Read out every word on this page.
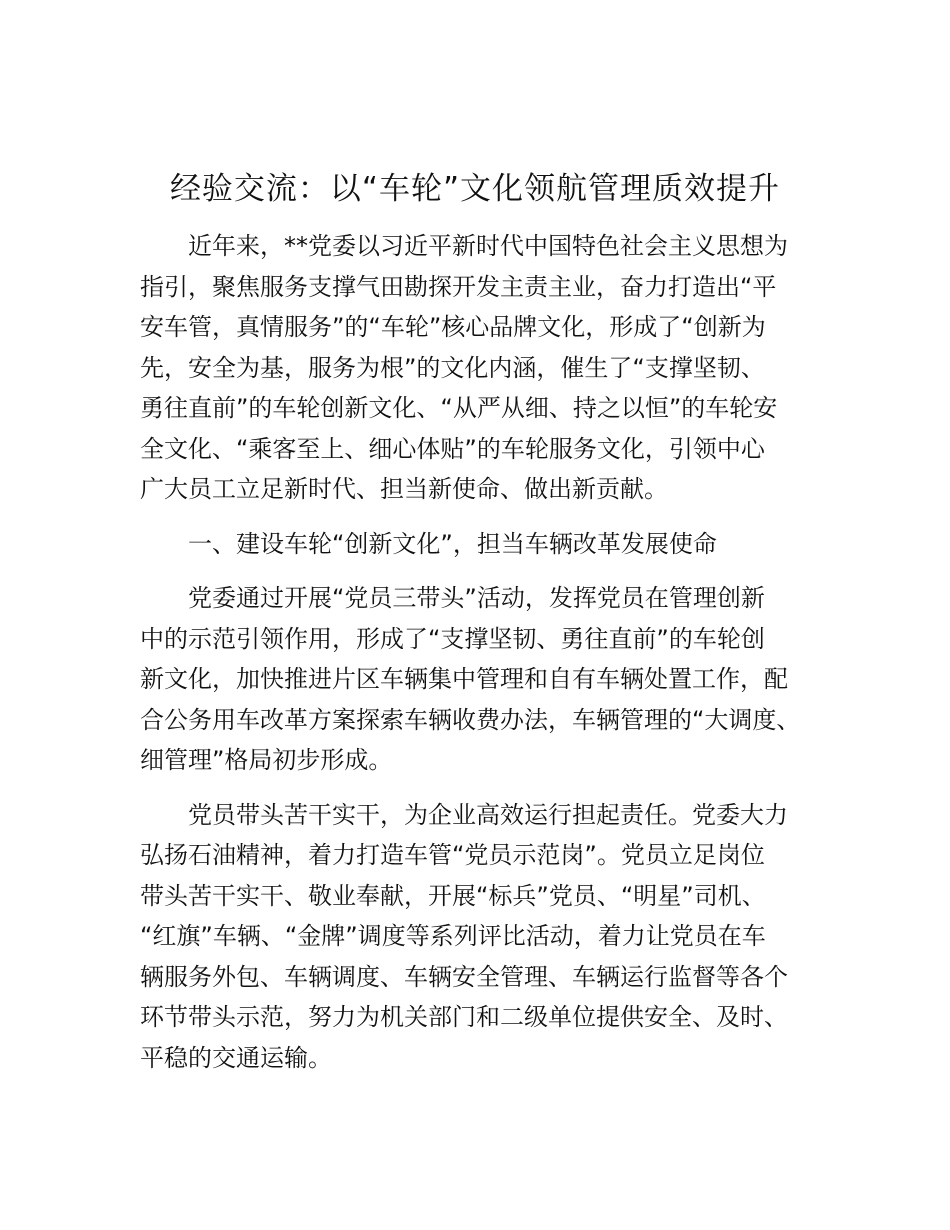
经验交流：以“车轮”文化领航管理质效提升

近年来，**党委以习近平新时代中国特色社会主义思想为
指引，聚焦服务支撑气田勘探开发主责主业，奋力打造出“平
安车管，真情服务”的“车轮”核心品牌文化，形成了“创新为
先，安全为基，服务为根”的文化内涵，催生了“支撑坚韧、
勇往直前”的车轮创新文化、“从严从细、持之以恒”的车轮安
全文化、“乘客至上、细心体贴”的车轮服务文化，引领中心
广大员工立足新时代、担当新使命、做出新贡献。

一、建设车轮“创新文化”，担当车辆改革发展使命

党委通过开展“党员三带头”活动，发挥党员在管理创新
中的示范引领作用，形成了“支撑坚韧、勇往直前”的车轮创
新文化，加快推进片区车辆集中管理和自有车辆处置工作，配
合公务用车改革方案探索车辆收费办法，车辆管理的“大调度、
细管理”格局初步形成。

党员带头苦干实干，为企业高效运行担起责任。党委大力
弘扬石油精神，着力打造车管“党员示范岗”。党员立足岗位
带头苦干实干、敬业奉献，开展“标兵”党员、“明星”司机、
“红旗”车辆、“金牌”调度等系列评比活动，着力让党员在车
辆服务外包、车辆调度、车辆安全管理、车辆运行监督等各个
环节带头示范，努力为机关部门和二级单位提供安全、及时、
平稳的交通运输。
